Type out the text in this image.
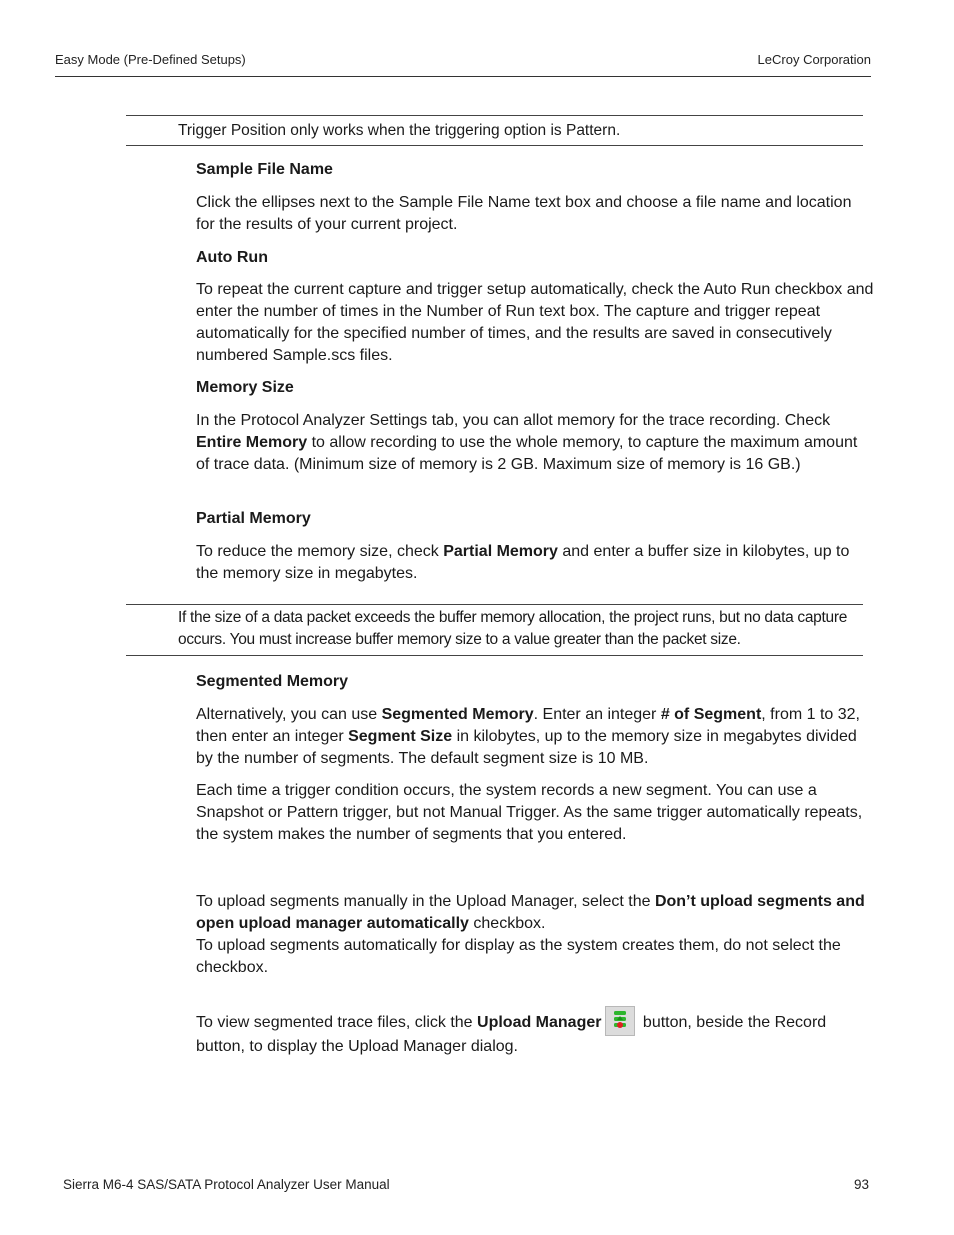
Easy Mode (Pre-Defined Setups)	LeCroy Corporation
Trigger Position only works when the triggering option is Pattern.
Sample File Name
Click the ellipses next to the Sample File Name text box and choose a file name and location for the results of your current project.
Auto Run
To repeat the current capture and trigger setup automatically, check the Auto Run checkbox and enter the number of times in the Number of Run text box. The capture and trigger repeat automatically for the specified number of times, and the results are saved in consecutively numbered Sample.scs files.
Memory Size
In the Protocol Analyzer Settings tab, you can allot memory for the trace recording. Check Entire Memory to allow recording to use the whole memory, to capture the maximum amount of trace data. (Minimum size of memory is 2 GB. Maximum size of memory is 16 GB.)
Partial Memory
To reduce the memory size, check Partial Memory and enter a buffer size in kilobytes, up to the memory size in megabytes.
If the size of a data packet exceeds the buffer memory allocation, the project runs, but no data capture occurs. You must increase buffer memory size to a value greater than the packet size.
Segmented Memory
Alternatively, you can use Segmented Memory. Enter an integer # of Segment, from 1 to 32, then enter an integer Segment Size in kilobytes, up to the memory size in megabytes divided by the number of segments. The default segment size is 10 MB.
Each time a trigger condition occurs, the system records a new segment. You can use a Snapshot or Pattern trigger, but not Manual Trigger. As the same trigger automatically repeats, the system makes the number of segments that you entered.
To upload segments manually in the Upload Manager, select the Don’t upload segments and open upload manager automatically checkbox.
To upload segments automatically for display as the system creates them, do not select the checkbox.
To view segmented trace files, click the Upload Manager button, beside the Record button, to display the Upload Manager dialog.
Sierra M6-4 SAS/SATA Protocol Analyzer User Manual	93
